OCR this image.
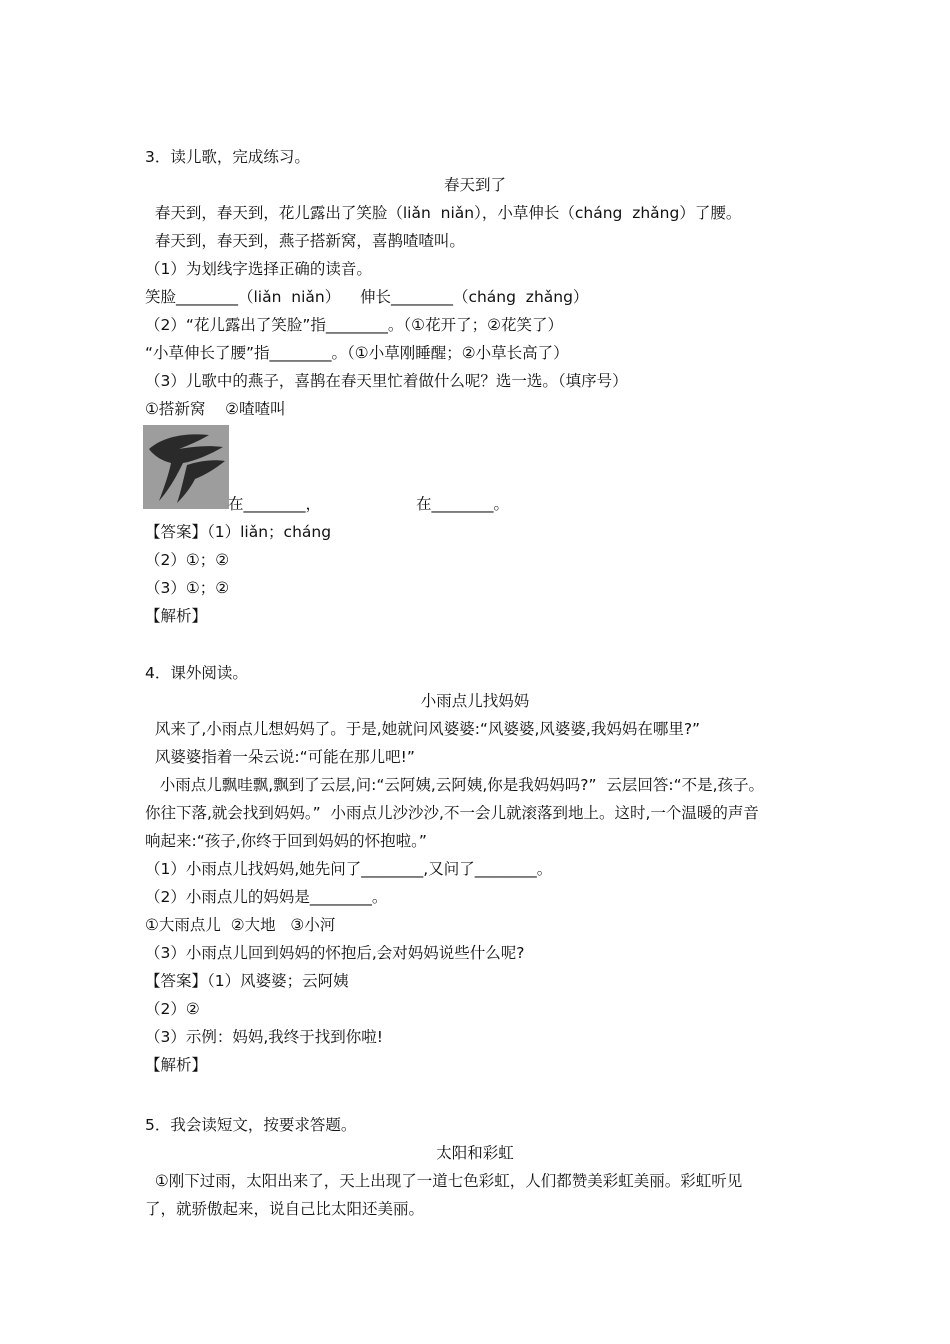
3．读儿歌，完成练习。
春天到了
春天到，春天到，花儿露出了笑脸（liǎn  niǎn），小草伸长（cháng  zhǎng）了腰。
春天到，春天到，燕子搭新窝，喜鹊喳喳叫。
（1）为划线字选择正确的读音。
笑脸________（liǎn  niǎn）    伸长________（cháng  zhǎng）
（2）“花儿露出了笑脸”指________。（①花开了；②花笑了）
“小草伸长了腰”指________。（①小草刚睡醒；②小草长高了）
（3）儿歌中的燕子，喜鹊在春天里忙着做什么呢？选一选。（填序号）
①搭新窝    ②喳喳叫
在________，	在________。
【答案】（1）liǎn；cháng
（2）①；②
（3）①；②
【解析】
4．课外阅读。
小雨点儿找妈妈
风来了,小雨点儿想妈妈了。于是,她就问风婆婆:“风婆婆,风婆婆,我妈妈在哪里?”
风婆婆指着一朵云说:“可能在那儿吧!”
小雨点儿飘哇飘,飘到了云层,问:“云阿姨,云阿姨,你是我妈妈吗?”  云层回答:“不是,孩子。
你往下落,就会找到妈妈。”  小雨点儿沙沙沙,不一会儿就滚落到地上。这时,一个温暖的声音
响起来:“孩子,你终于回到妈妈的怀抱啦。”
（1）小雨点儿找妈妈,她先问了________,又问了________。
（2）小雨点儿的妈妈是________。
①大雨点儿  ②大地   ③小河
（3）小雨点儿回到妈妈的怀抱后,会对妈妈说些什么呢?
【答案】（1）风婆婆；云阿姨
（2）②
（3）示例：妈妈,我终于找到你啦!
【解析】
5．我会读短文，按要求答题。
太阳和彩虹
①刚下过雨，太阳出来了，天上出现了一道七色彩虹，人们都赞美彩虹美丽。彩虹听见
了，就骄傲起来，说自己比太阳还美丽。
